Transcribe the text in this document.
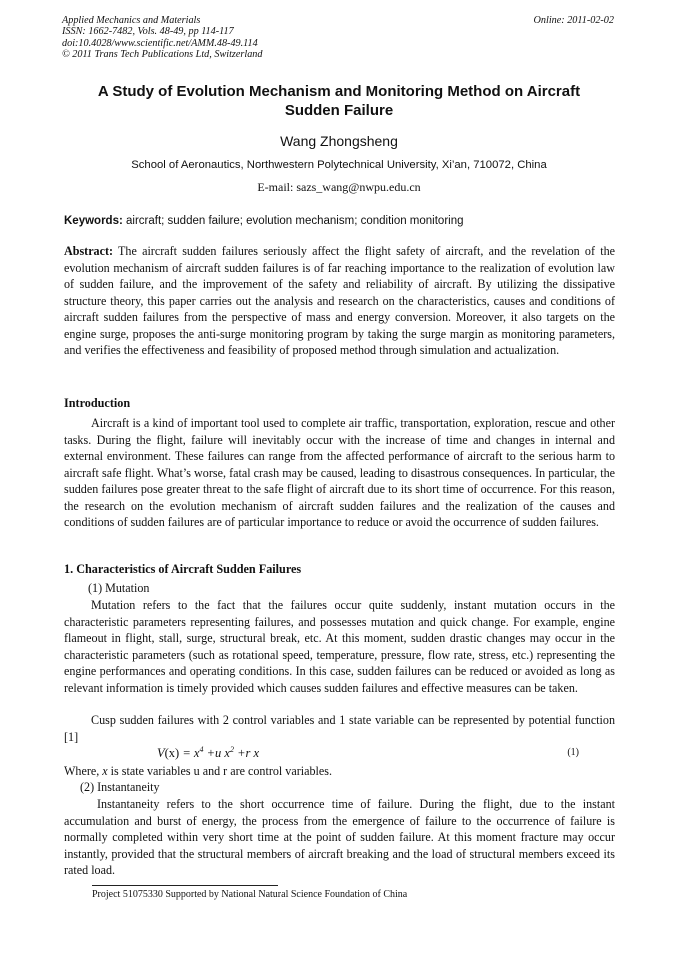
Applied Mechanics and Materials
ISSN: 1662-7482, Vols. 48-49, pp 114-117
doi:10.4028/www.scientific.net/AMM.48-49.114
© 2011 Trans Tech Publications Ltd, Switzerland
Online: 2011-02-02
A Study of Evolution Mechanism and Monitoring Method on Aircraft Sudden Failure
Wang Zhongsheng
School of Aeronautics, Northwestern Polytechnical University, Xi’an, 710072, China
E-mail: sazs_wang@nwpu.edu.cn
Keywords: aircraft; sudden failure; evolution mechanism; condition monitoring
Abstract: The aircraft sudden failures seriously affect the flight safety of aircraft, and the revelation of the evolution mechanism of aircraft sudden failures is of far reaching importance to the realization of evolution law of sudden failure, and the improvement of the safety and reliability of aircraft. By utilizing the dissipative structure theory, this paper carries out the analysis and research on the characteristics, causes and conditions of aircraft sudden failures from the perspective of mass and energy conversion. Moreover, it also targets on the engine surge, proposes the anti-surge monitoring program by taking the surge margin as monitoring parameters, and verifies the effectiveness and feasibility of proposed method through simulation and actualization.
Introduction
Aircraft is a kind of important tool used to complete air traffic, transportation, exploration, rescue and other tasks. During the flight, failure will inevitably occur with the increase of time and changes in internal and external environment. These failures can range from the affected performance of aircraft to the serious harm to aircraft safe flight. What’s worse, fatal crash may be caused, leading to disastrous consequences. In particular, the sudden failures pose greater threat to the safe flight of aircraft due to its short time of occurrence. For this reason, the research on the evolution mechanism of aircraft sudden failures and the realization of the causes and conditions of sudden failures are of particular importance to reduce or avoid the occurrence of sudden failures.
1. Characteristics of Aircraft Sudden Failures
(1) Mutation
Mutation refers to the fact that the failures occur quite suddenly, instant mutation occurs in the characteristic parameters representing failures, and possesses mutation and quick change. For example, engine flameout in flight, stall, surge, structural break, etc. At this moment, sudden drastic changes may occur in the characteristic parameters (such as rotational speed, temperature, pressure, flow rate, stress, etc.) representing the engine performances and operating conditions. In this case, sudden failures can be reduced or avoided as long as relevant information is timely provided which causes sudden failures and effective measures can be taken.
Cusp sudden failures with 2 control variables and 1 state variable can be represented by potential function [1]
$V(x) = x^4 +u$ $x^2 +r$ x	(1)
Where, x is state variables u and r are control variables.
(2) Instantaneity
Instantaneity refers to the short occurrence time of failure. During the flight, due to the instant accumulation and burst of energy, the process from the emergence of failure to the occurrence of failure is normally completed within very short time at the point of sudden failure. At this moment fracture may occur instantly, provided that the structural members of aircraft breaking and the load of structural members exceed its rated load.
Project 51075330 Supported by National Natural Science Foundation of China
